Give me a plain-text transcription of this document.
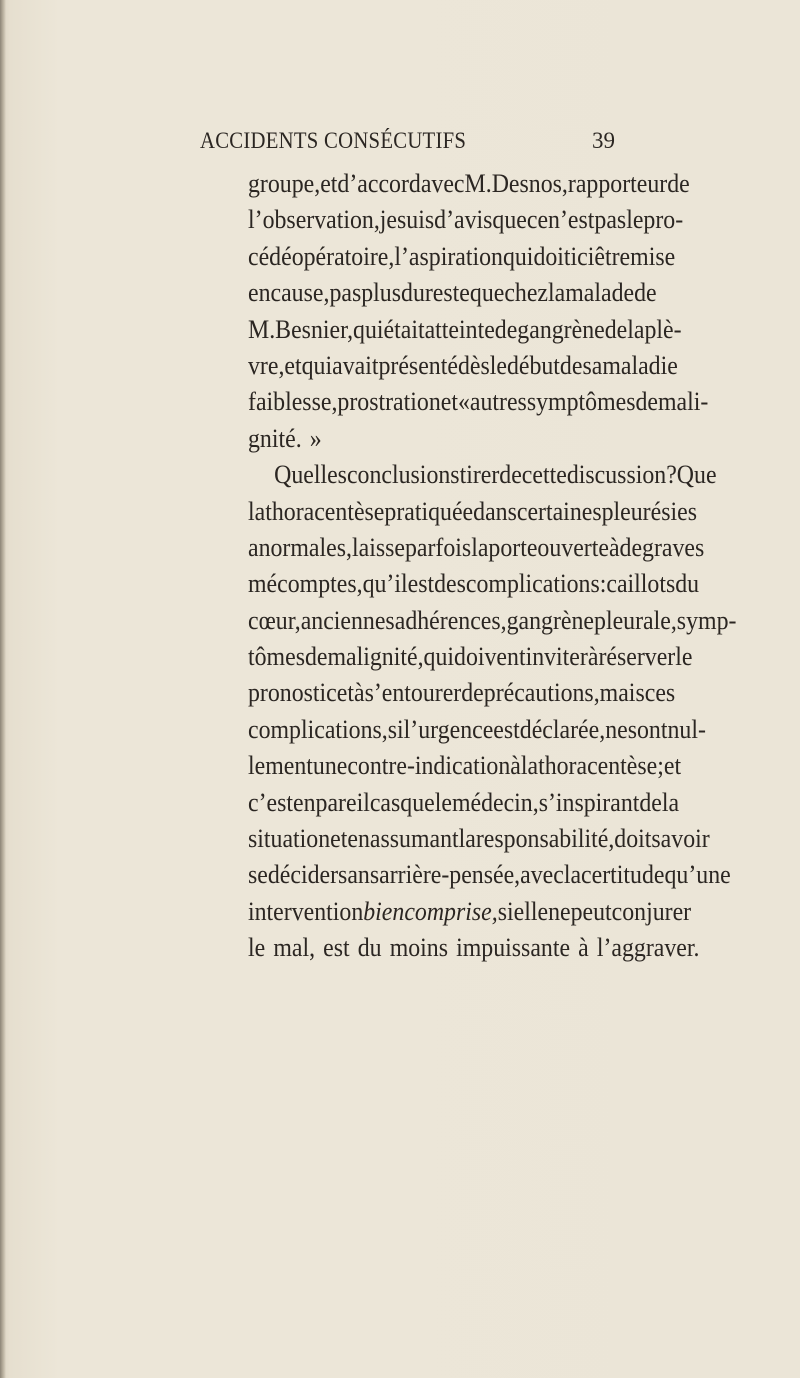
ACCIDENTS CONSÉCUTIFS	39
groupe, et d’accord avec M. Desnos, rapporteur de
l’observation, je suis d’avis que ce n’est pas le pro-
cédé opératoire, l’aspiration qui doit ici être mise
en cause, pas plus du reste que chez la malade de
M. Besnier, qui était atteinte de gangrène de la plè-
vre, et qui avait présenté dès le début de sa maladie
faiblesse, prostration et « autres symptômes de mali-
gnité. »
Quelles conclusions tirer de cette discussion? Que
la thoracentèse pratiquée dans certaines pleurésies
anormales, laisse parfois la porte ouverte à de graves
mécomptes, qu’il est des complications : caillots du
cœur, anciennes adhérences, gangrène pleurale, symp-
tômes de malignité, qui doivent inviter à réserver le
pronostic et à s’entourer de précautions, mais ces
complications, si l’urgence est déclarée, ne sont nul-
lement une contre-indication à la thoracentèse; et
c’est en pareil cas que le médecin, s’inspirant de la
situation et en assumant la responsabilité, doit savoir
se décider sans arrière-pensée, avec la certitude qu’une
intervention bien comprise, si elle ne peut conjurer
le mal, est du moins impuissante à l’aggraver.
